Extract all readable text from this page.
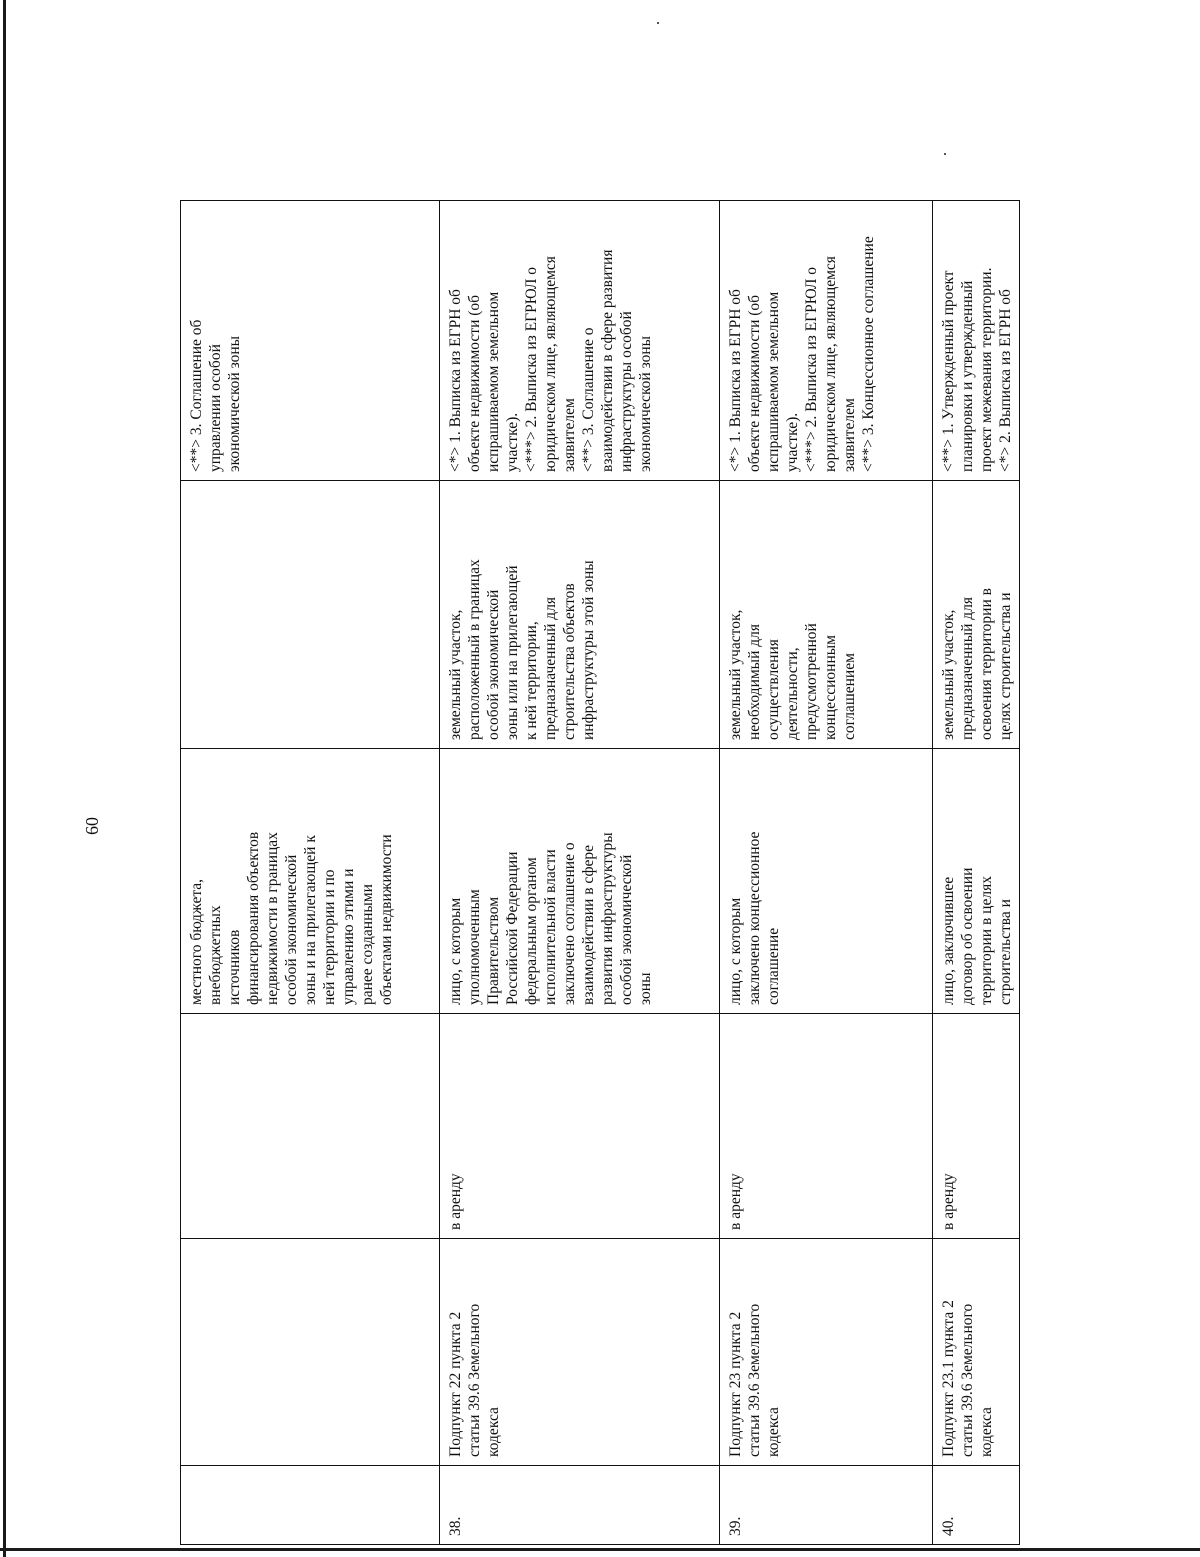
60
местного бюджета,
внебюджетных
источников
финансирования объектов
недвижимости в границах
особой экономической
зоны и на прилегающей к
ней территории и по
управлению этими и
ранее созданными
объектами недвижимости
<**> 3. Соглашение об
управлении особой
экономической зоны
38.
Подпункт 22 пункта 2
статьи 39.6 Земельного
кодекса
в аренду
лицо, с которым
уполномоченным
Правительством
Российской Федерации
федеральным органом
исполнительной власти
заключено соглашение о
взаимодействии в сфере
развития инфраструктуры
особой экономической
зоны
земельный участок,
расположенный в границах
особой экономической
зоны или на прилегающей
к ней территории,
предназначенный для
строительства объектов
инфраструктуры этой зоны
<*> 1. Выписка из ЕГРН об
объекте недвижимости (об
испрашиваемом земельном
участке).
<***> 2. Выписка из ЕГРЮЛ о
юридическом лице, являющемся
заявителем
<**> 3. Соглашение о
взаимодействии в сфере развития
инфраструктуры особой
экономической зоны
39.
Подпункт 23 пункта 2
статьи 39.6 Земельного
кодекса
в аренду
лицо, с которым
заключено концессионное
соглашение
земельный участок,
необходимый для
осуществления
деятельности,
предусмотренной
концессионным
соглашением
<*> 1. Выписка из ЕГРН об
объекте недвижимости (об
испрашиваемом земельном
участке).
<***> 2. Выписка из ЕГРЮЛ о
юридическом лице, являющемся
заявителем
<**> 3. Концессионное соглашение
40.
Подпункт 23.1 пункта 2
статьи 39.6 Земельного
кодекса
в аренду
лицо, заключившее
договор об освоении
территории в целях
строительства и
земельный участок,
предназначенный для
освоения территории в
целях строительства и
<**> 1. Утвержденный проект
планировки и утвержденный
проект межевания территории.
<*> 2. Выписка из ЕГРН об
